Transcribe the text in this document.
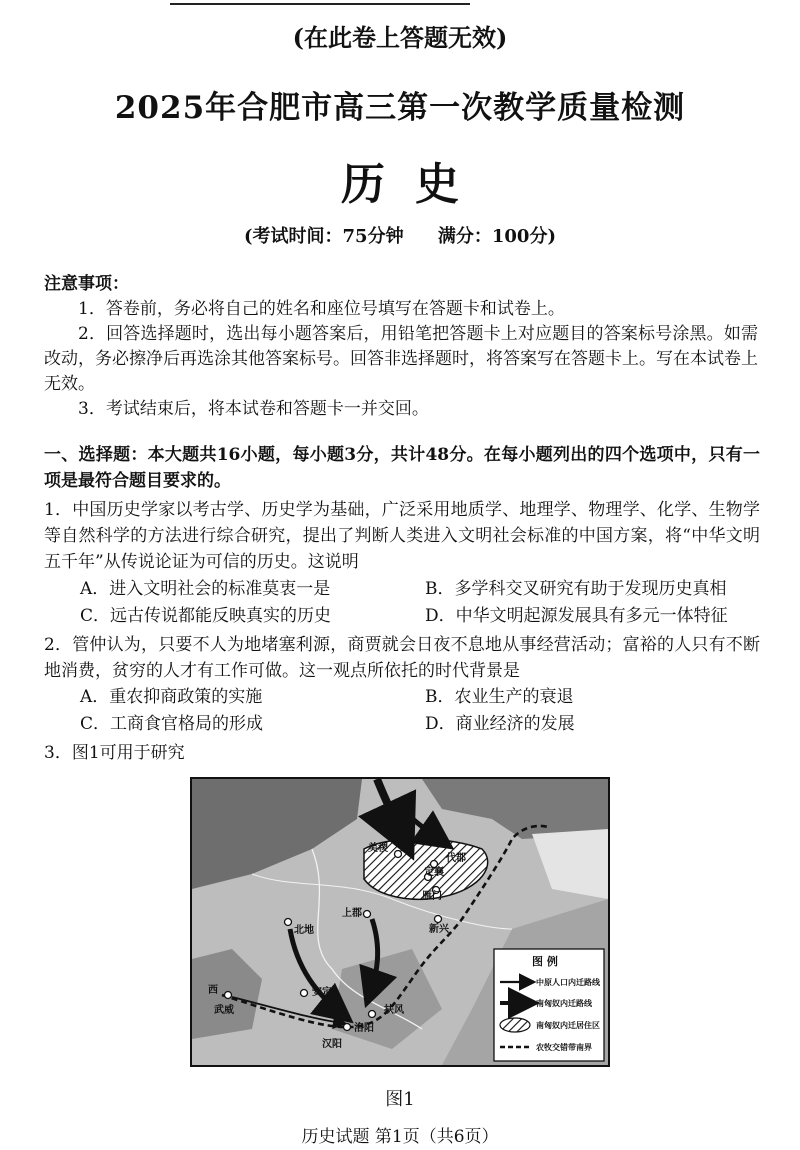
(在此卷上答题无效)
2025年合肥市高三第一次教学质量检测
历史
(考试时间：75分钟 满分：100分)
注意事项：

1．答卷前，务必将自己的姓名和座位号填写在答题卡和试卷上。

2．回答选择题时，选出每小题答案后，用铅笔把答题卡上对应题目的答案标号涂黑。如需改动，务必擦净后再选涂其他答案标号。回答非选择题时，将答案写在答题卡上。写在本试卷上无效。

3．考试结束后，将本试卷和答题卡一并交回。

一、选择题：本大题共16小题，每小题3分，共计48分。在每小题列出的四个选项中，只有一项是最符合题目要求的。
1．中国历史学家以考古学、历史学为基础，广泛采用地质学、地理学、物理学、化学、生物学等自然科学的方法进行综合研究，提出了判断人类进入文明社会标准的中国方案，将“中华文明五千年”从传说论证为可信的历史。这说明
A．进入文明社会的标准莫衷一是	B．多学科交叉研究有助于发现历史真相
C．远古传说都能反映真实的历史	D．中华文明起源发展具有多元一体特征
2．管仲认为，只要不人为地堵塞利源，商贾就会日夜不息地从事经营活动；富裕的人只有不断地消费，贫穷的人才有工作可做。这一观点所依托的时代背景是
A．重农抑商政策的实施	B．农业生产的衰退
C．工商食官格局的形成	D．商业经济的发展
3．图1可用于研究
美稷
代郡
定襄
雁门
上郡
新兴
北地
安定
西
武威	扶风
洛阳
汉阳
图 例
中原人口内迁路线
南匈奴内迁路线
南匈奴内迁居住区
农牧交错带南界
图1
历史试题 第1页（共6页）
